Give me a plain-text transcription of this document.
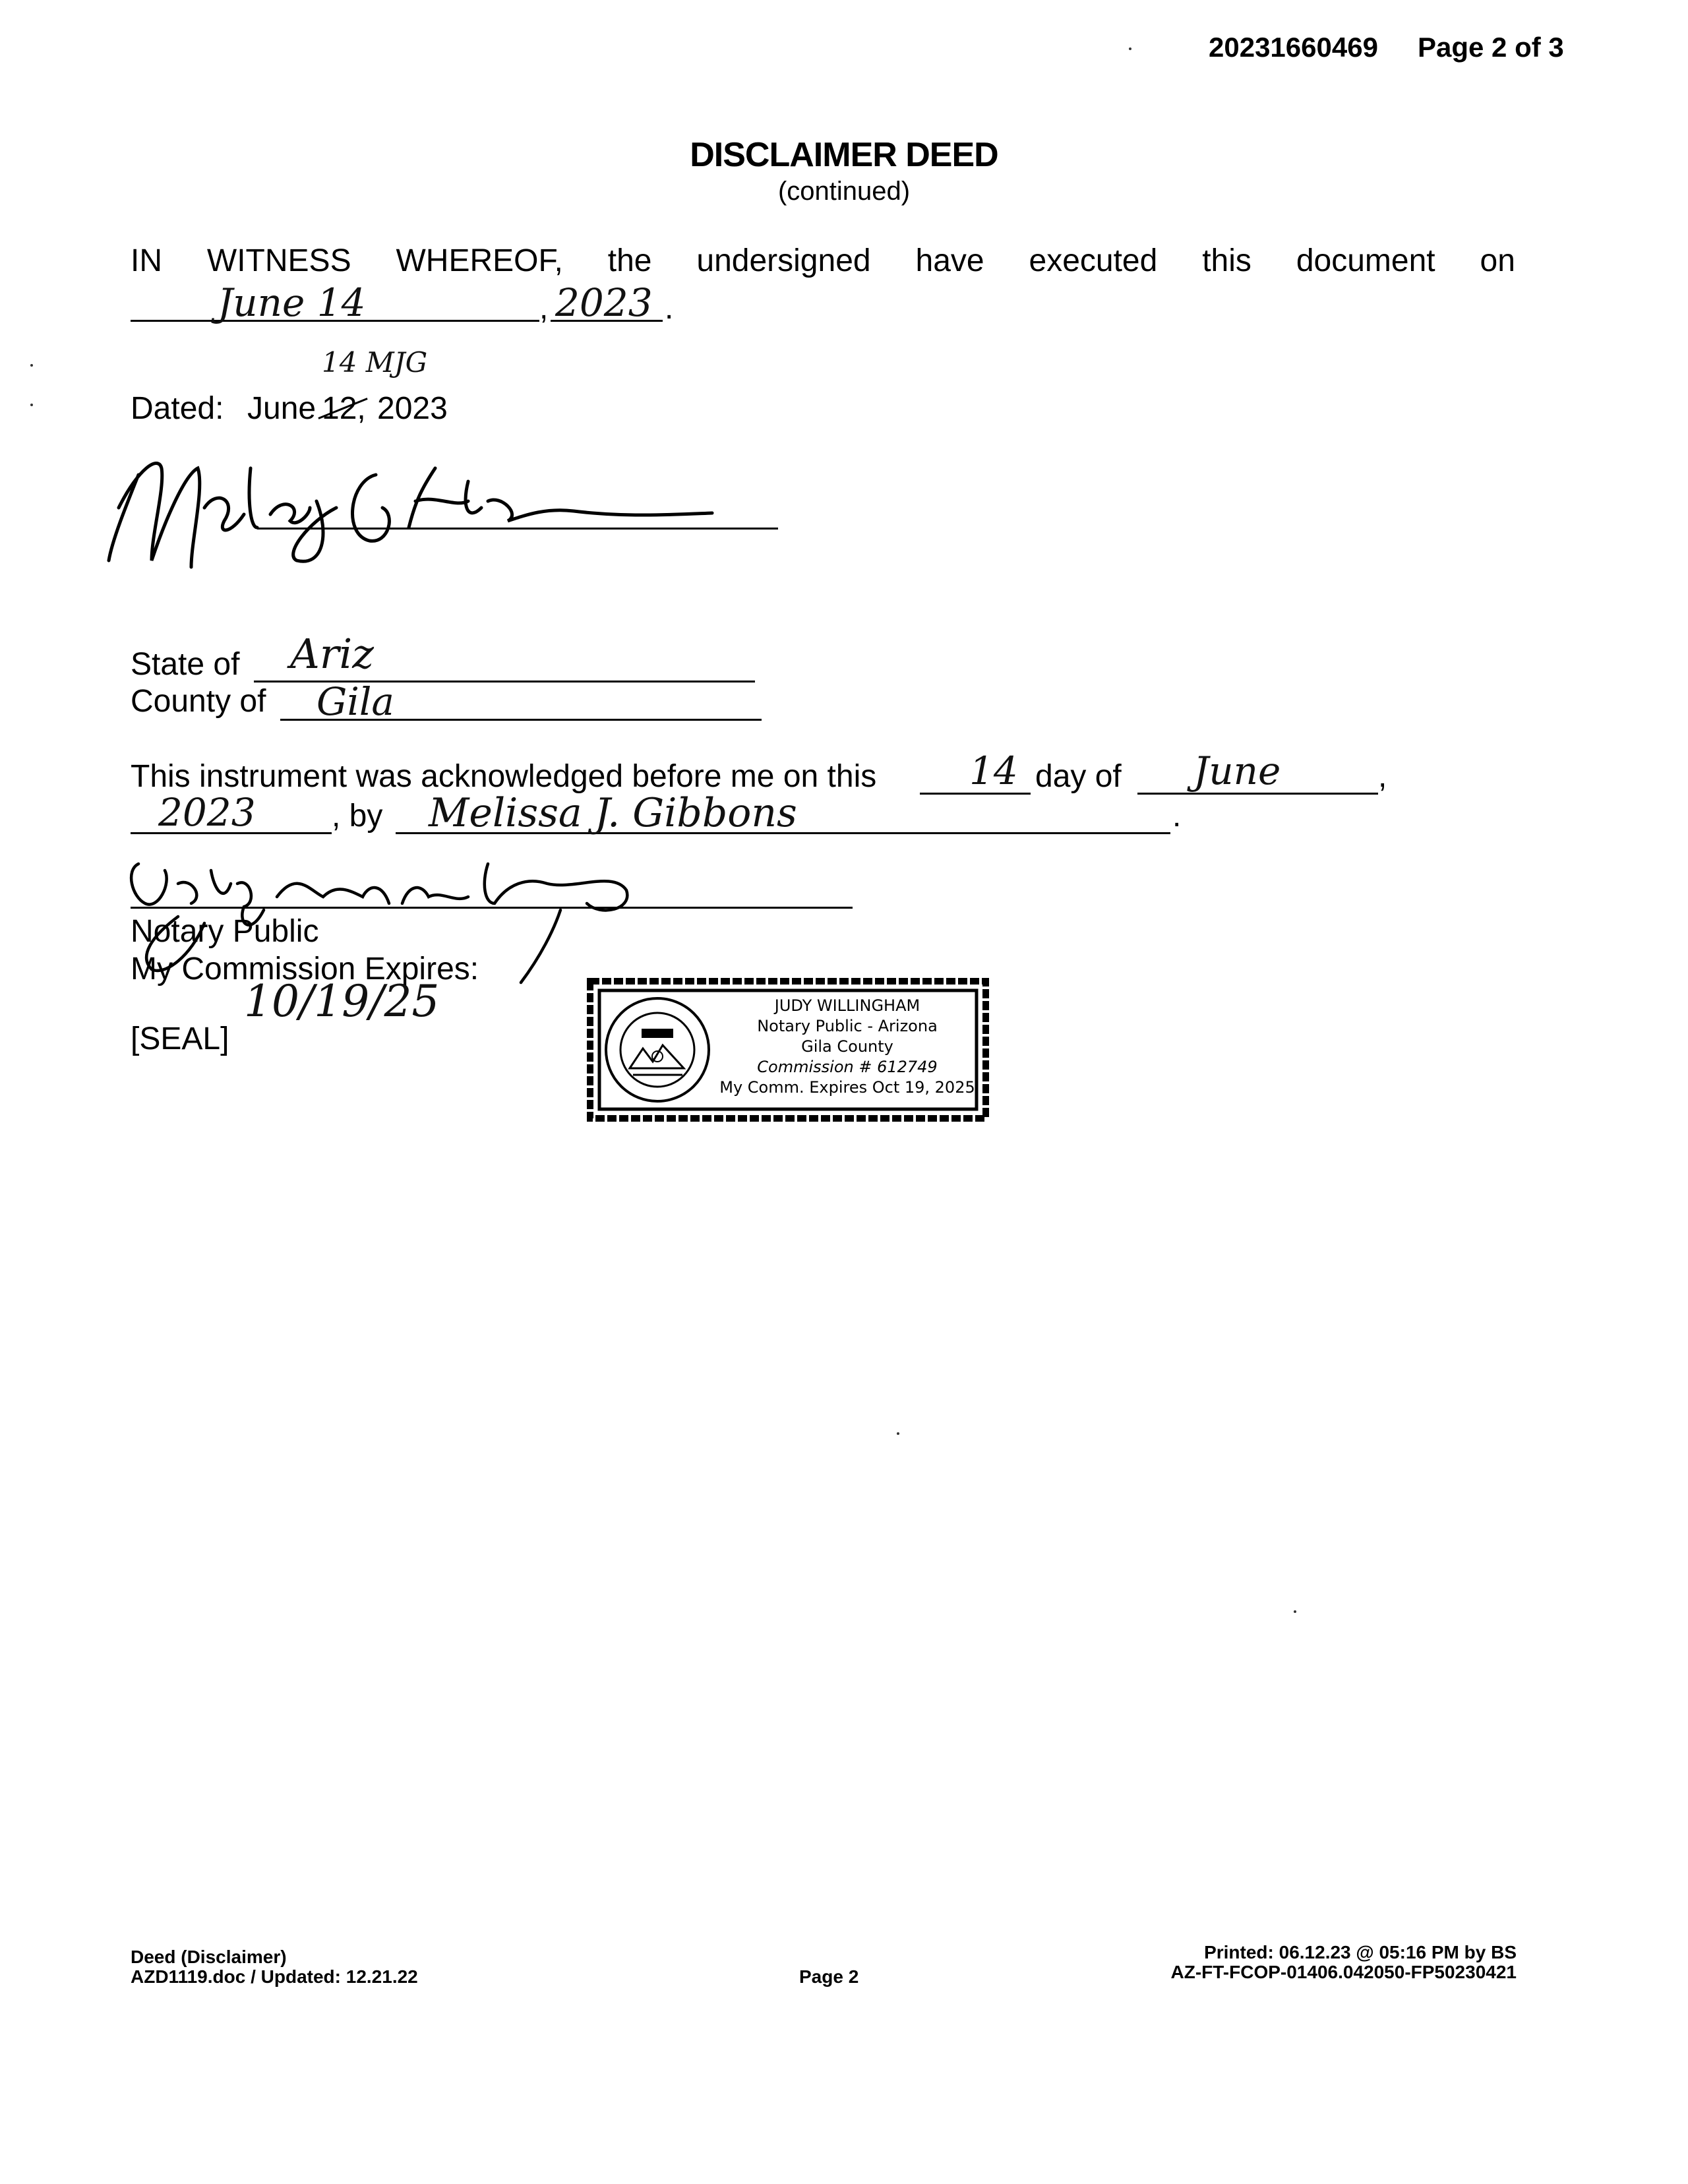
20231660469 Page 2 of 3
DISCLAIMER DEED
(continued)
IN WITNESS WHEREOF, the undersigned have executed this document on
June 14	, 2023 .
14 MJG
Dated: June 12, 2023
State of Ariz
County of Gila
This instrument was acknowledged before me on this 14 day of June	,
2023 , by Melissa J. Gibbons	.
Notary Public
My Commission Expires:
10/19/25
[SEAL]
JUDY WILLINGHAM
Notary Public - Arizona
Gila County
Commission # 612749
My Comm. Expires Oct 19, 2025
Deed (Disclaimer)
AZD1119.doc / Updated: 12.21.22	Page 2
Printed: 06.12.23 @ 05:16 PM by BS
AZ-FT-FCOP-01406.042050-FP50230421
